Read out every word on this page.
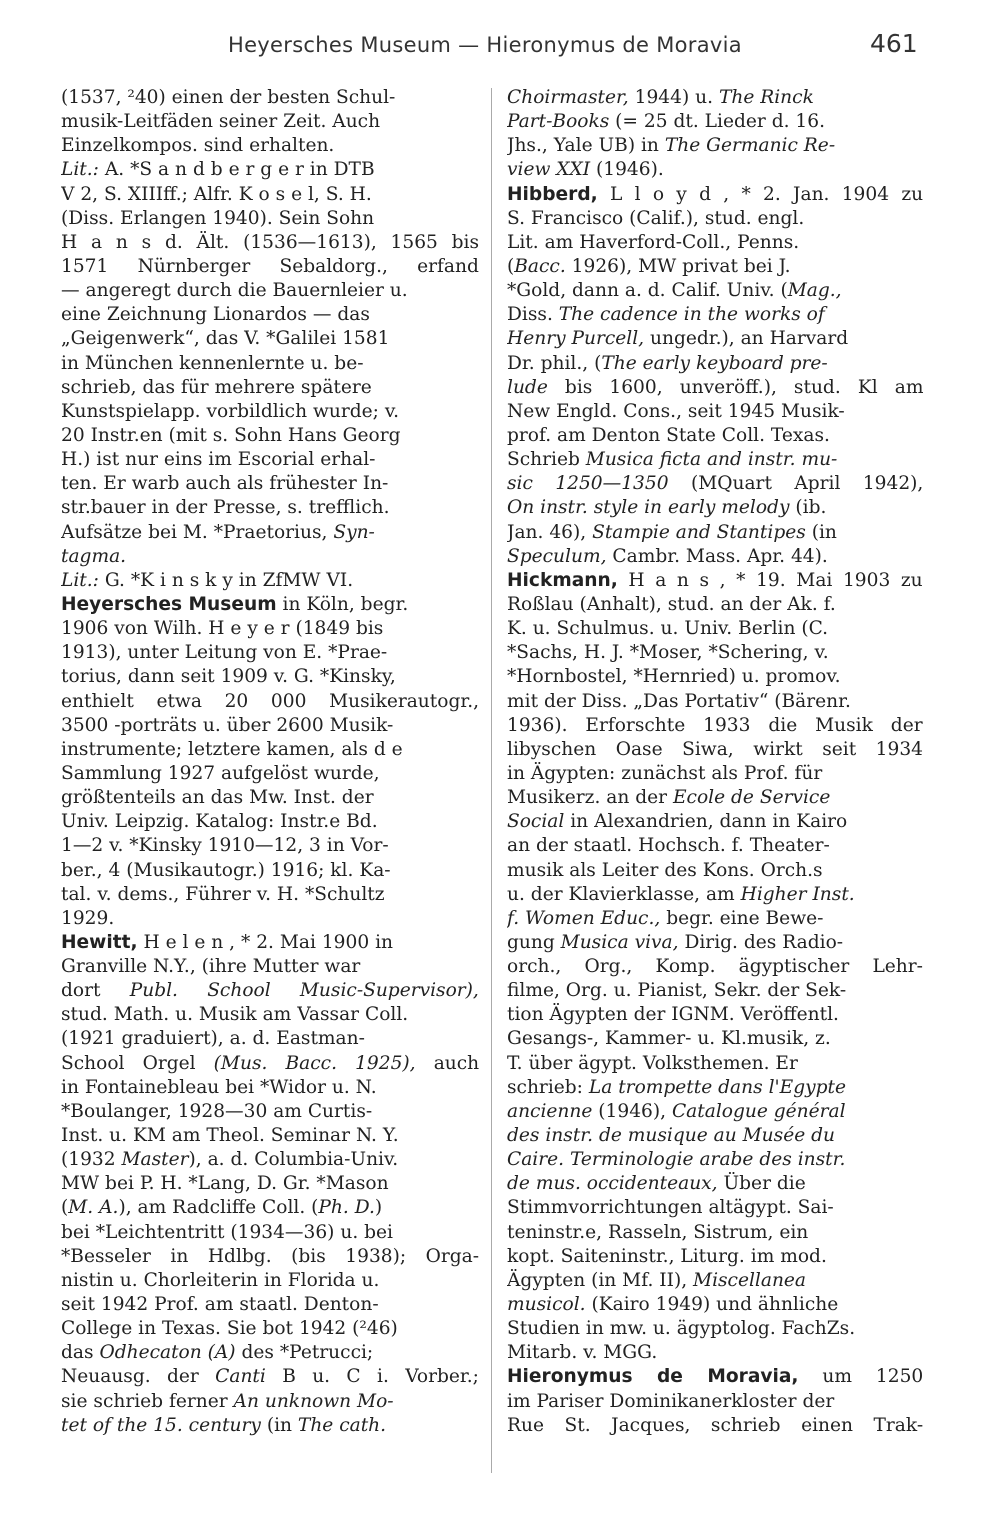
Heyersches Museum — Hieronymus de Moravia	461
(1537, ²40) einen der besten Schul-
musik-Leitfäden seiner Zeit. Auch
Einzelkompos. sind erhalten.
Lit.: A. *S a n d b e r g e r in DTB
V 2, S. XIIIff.; Alfr. K o s e l, S. H.
(Diss. Erlangen 1940). Sein Sohn
H a n s d. Ält. (1536—1613), 1565 bis
1571 Nürnberger Sebaldorg., erfand
— angeregt durch die Bauernleier u.
eine Zeichnung Lionardos — das
„Geigenwerk“, das V. *Galilei 1581
in München kennenlernte u. be-
schrieb, das für mehrere spätere
Kunstspielapp. vorbildlich wurde; v.
20 Instr.en (mit s. Sohn Hans Georg
H.) ist nur eins im Escorial erhal-
ten. Er warb auch als frühester In-
str.bauer in der Presse, s. trefflich.
Aufsätze bei M. *Praetorius, Syn-
tagma.
Lit.: G. *K i n s k y in ZfMW VI.
Heyersches Museum in Köln, begr.
1906 von Wilh. H e y e r (1849 bis
1913), unter Leitung von E. *Prae-
torius, dann seit 1909 v. G. *Kinsky,
enthielt etwa 20 000 Musikerautogr.,
3500 -porträts u. über 2600 Musik-
instrumente; letztere kamen, als d e
Sammlung 1927 aufgelöst wurde,
größtenteils an das Mw. Inst. der
Univ. Leipzig. Katalog: Instr.e Bd.
1—2 v. *Kinsky 1910—12, 3 in Vor-
ber., 4 (Musikautogr.) 1916; kl. Ka-
tal. v. dems., Führer v. H. *Schultz
1929.
Hewitt, H e l e n , * 2. Mai 1900 in
Granville N.Y., (ihre Mutter war
dort Publ. School Music-Supervisor),
stud. Math. u. Musik am Vassar Coll.
(1921 graduiert), a. d. Eastman-
School Orgel (Mus. Bacc. 1925), auch
in Fontainebleau bei *Widor u. N.
*Boulanger, 1928—30 am Curtis-
Inst. u. KM am Theol. Seminar N. Y.
(1932 Master), a. d. Columbia-Univ.
MW bei P. H. *Lang, D. Gr. *Mason
(M. A.), am Radcliffe Coll. (Ph. D.)
bei *Leichtentritt (1934—36) u. bei
*Besseler in Hdlbg. (bis 1938); Orga-
nistin u. Chorleiterin in Florida u.
seit 1942 Prof. am staatl. Denton-
College in Texas. Sie bot 1942 (²46)
das Odhecaton (A) des *Petrucci;
Neuausg. der Canti B u. C i. Vorber.;
sie schrieb ferner An unknown Mo-
tet of the 15. century (in The cath.
Choirmaster, 1944) u. The Rinck
Part-Books (= 25 dt. Lieder d. 16.
Jhs., Yale UB) in The Germanic Re-
view XXI (1946).
Hibberd, L l o y d , * 2. Jan. 1904 zu
S. Francisco (Calif.), stud. engl.
Lit. am Haverford-Coll., Penns.
(Bacc. 1926), MW privat bei J.
*Gold, dann a. d. Calif. Univ. (Mag.,
Diss. The cadence in the works of
Henry Purcell, ungedr.), an Harvard
Dr. phil., (The early keyboard pre-
lude bis 1600, unveröff.), stud. Kl am
New Engld. Cons., seit 1945 Musik-
prof. am Denton State Coll. Texas.
Schrieb Musica ficta and instr. mu-
sic 1250—1350 (MQuart April 1942),
On instr. style in early melody (ib.
Jan. 46), Stampie and Stantipes (in
Speculum, Cambr. Mass. Apr. 44).
Hickmann, H a n s , * 19. Mai 1903 zu
Roßlau (Anhalt), stud. an der Ak. f.
K. u. Schulmus. u. Univ. Berlin (C.
*Sachs, H. J. *Moser, *Schering, v.
*Hornbostel, *Hernried) u. promov.
mit der Diss. „Das Portativ“ (Bärenr.
1936). Erforschte 1933 die Musik der
libyschen Oase Siwa, wirkt seit 1934
in Ägypten: zunächst als Prof. für
Musikerz. an der Ecole de Service
Social in Alexandrien, dann in Kairo
an der staatl. Hochsch. f. Theater-
musik als Leiter des Kons. Orch.s
u. der Klavierklasse, am Higher Inst.
f. Women Educ., begr. eine Bewe-
gung Musica viva, Dirig. des Radio-
orch., Org., Komp. ägyptischer Lehr-
filme, Org. u. Pianist, Sekr. der Sek-
tion Ägypten der IGNM. Veröffentl.
Gesangs-, Kammer- u. Kl.musik, z.
T. über ägypt. Volksthemen. Er
schrieb: La trompette dans l'Egypte
ancienne (1946), Catalogue général
des instr. de musique au Musée du
Caire. Terminologie arabe des instr.
de mus. occidenteaux, Über die
Stimmvorrichtungen altägypt. Sai-
teninstr.e, Rasseln, Sistrum, ein
kopt. Saiteninstr., Liturg. im mod.
Ägypten (in Mf. II), Miscellanea
musicol. (Kairo 1949) und ähnliche
Studien in mw. u. ägyptolog. FachZs.
Mitarb. v. MGG.
Hieronymus de Moravia, um 1250
im Pariser Dominikanerkloster der
Rue St. Jacques, schrieb einen Trak-
